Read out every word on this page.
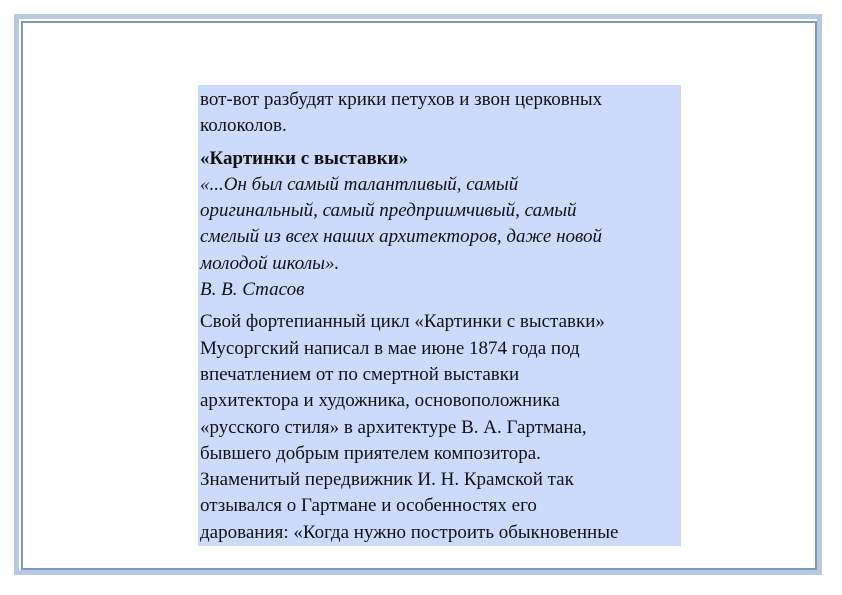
вот-вот разбудят крики петухов и звон церковных
колоколов.

«Картинки с выставки»
«...Он был самый талантливый, самый
оригинальный, самый предприимчивый, самый
смелый из всех наших архитекторов, даже новой
молодой школы».
В. В. Стасов

Свой фортепианный цикл «Картинки с выставки»
Мусоргский написал в мае июне 1874 года под
впечатлением от по смертной выставки
архитектора и художника, основоположника
«русского стиля» в архитектуре В. А. Гартмана,
бывшего добрым приятелем композитора.
Знаменитый передвижник И. Н. Крамской так
отзывался о Гартмане и особенностях его
дарования: «Когда нужно построить обыкновенные
